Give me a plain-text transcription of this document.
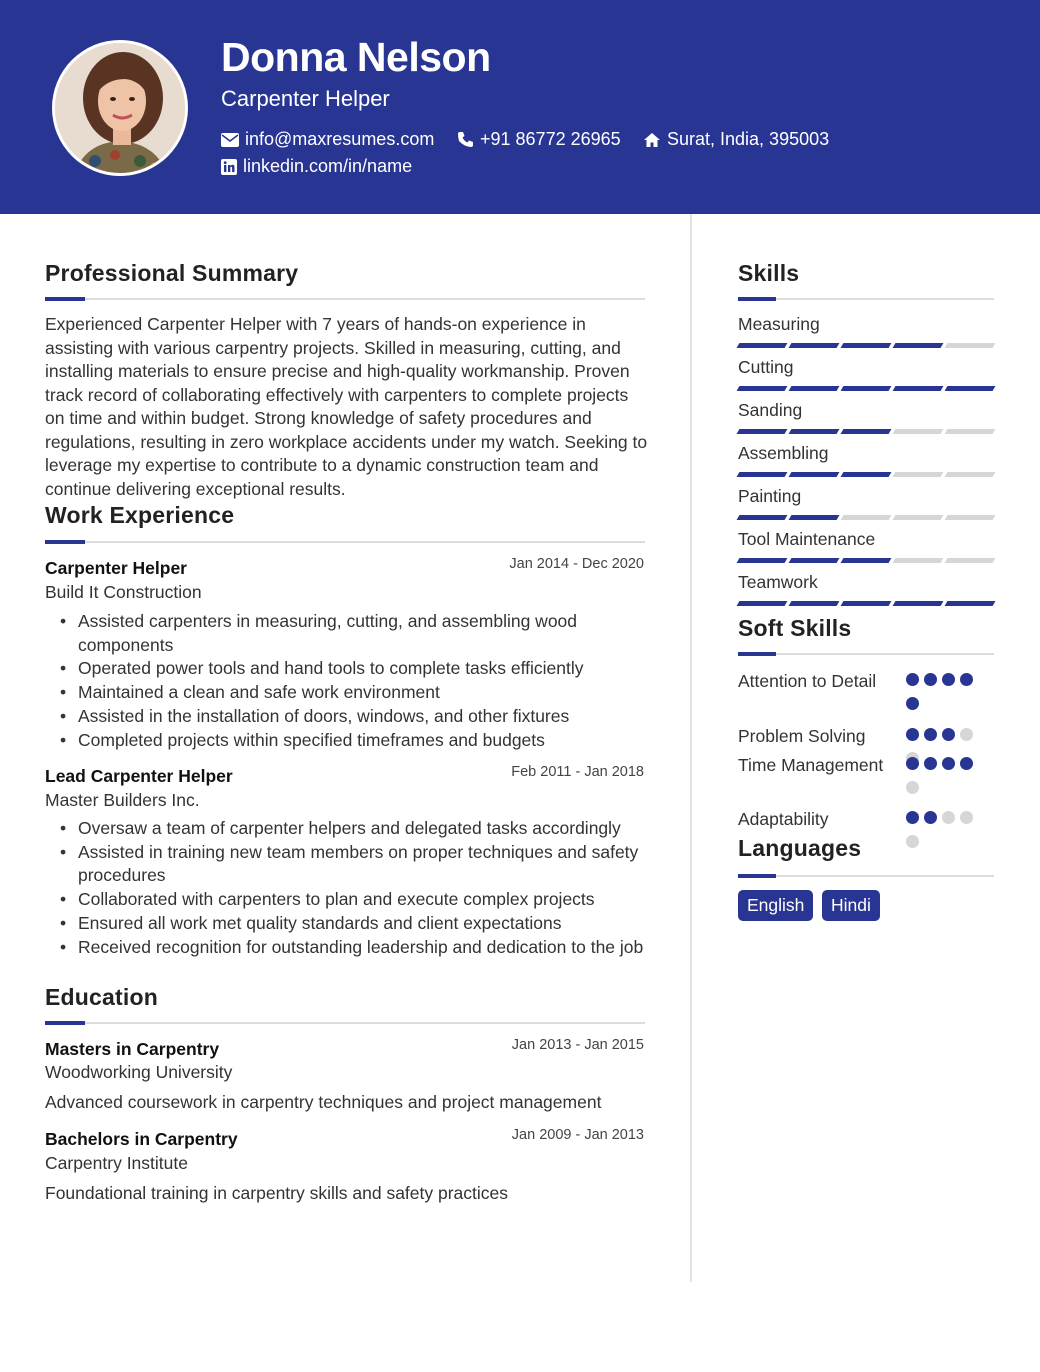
Donna Nelson
Carpenter Helper
info@maxresumes.com	+91 86772 26965	Surat, India, 395003
linkedin.com/in/name
Professional Summary
Experienced Carpenter Helper with 7 years of hands-on experience in assisting with various carpentry projects. Skilled in measuring, cutting, and installing materials to ensure precise and high-quality workmanship. Proven track record of collaborating effectively with carpenters to complete projects on time and within budget. Strong knowledge of safety procedures and regulations, resulting in zero workplace accidents under my watch. Seeking to leverage my expertise to contribute to a dynamic construction team and continue delivering exceptional results.
Work Experience
Carpenter Helper	Jan 2014 - Dec 2020
Build It Construction
• Assisted carpenters in measuring, cutting, and assembling wood components
• Operated power tools and hand tools to complete tasks efficiently
• Maintained a clean and safe work environment
• Assisted in the installation of doors, windows, and other fixtures
• Completed projects within specified timeframes and budgets
Lead Carpenter Helper	Feb 2011 - Jan 2018
Master Builders Inc.
• Oversaw a team of carpenter helpers and delegated tasks accordingly
• Assisted in training new team members on proper techniques and safety procedures
• Collaborated with carpenters to plan and execute complex projects
• Ensured all work met quality standards and client expectations
• Received recognition for outstanding leadership and dedication to the job
Education
Masters in Carpentry	Jan 2013 - Jan 2015
Woodworking University
Advanced coursework in carpentry techniques and project management
Bachelors in Carpentry	Jan 2009 - Jan 2013
Carpentry Institute
Foundational training in carpentry skills and safety practices
Skills
Measuring
Cutting
Sanding
Assembling
Painting
Tool Maintenance
Teamwork
Soft Skills
Attention to Detail
Problem Solving
Time Management
Adaptability
Languages
English	Hindi
